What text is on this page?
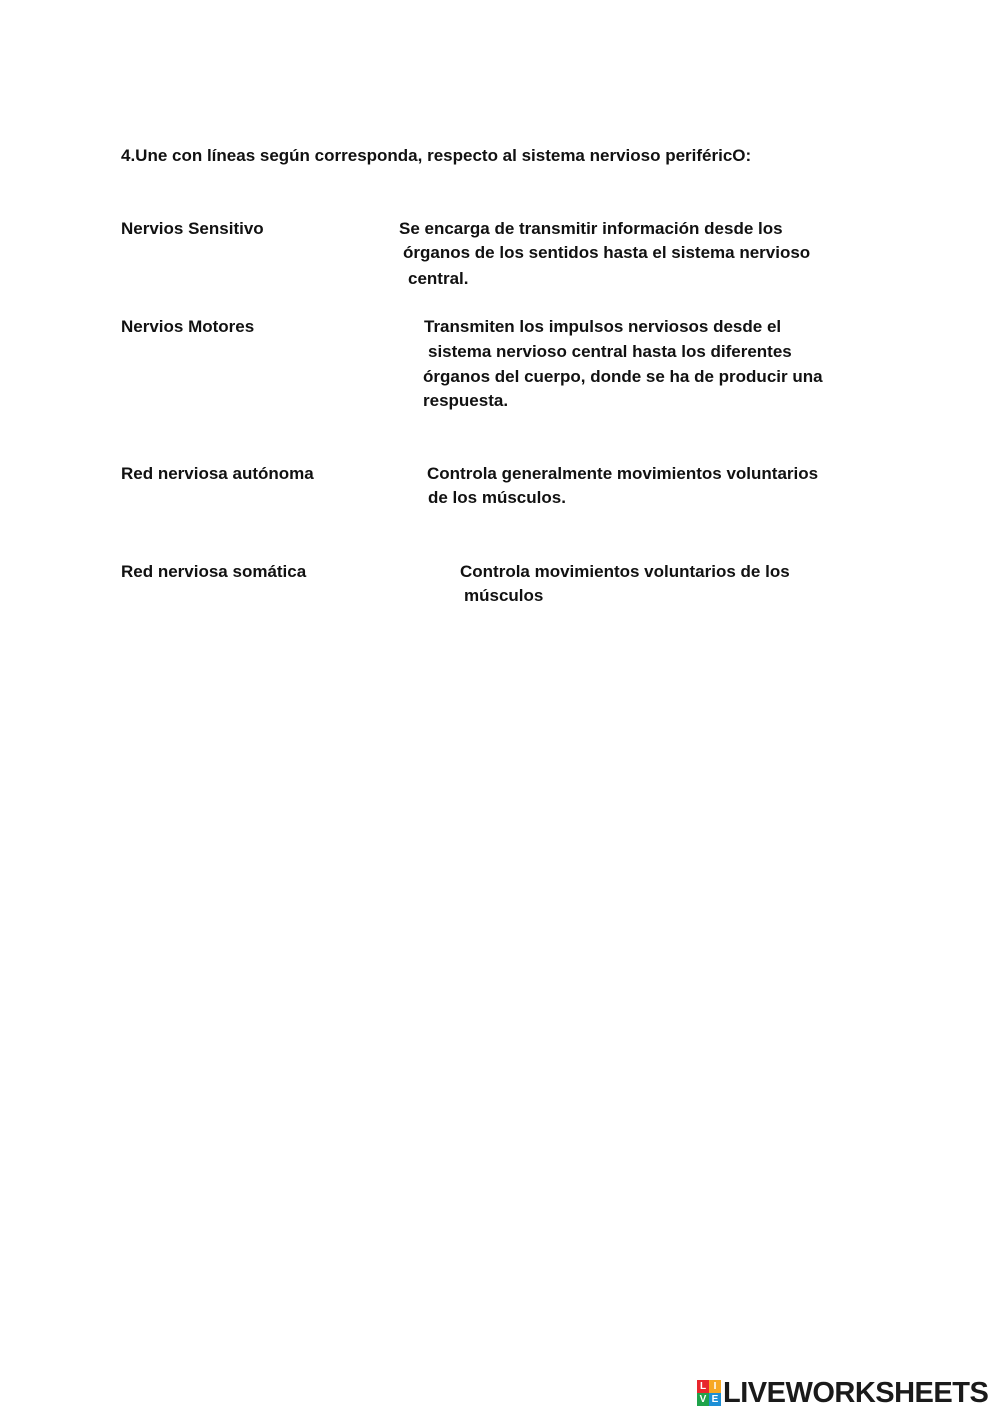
4.Une con líneas según corresponda, respecto al sistema nervioso periféricO:
Nervios Sensitivo	Se encarga de transmitir información desde los
órganos de los sentidos hasta el sistema nervioso
central.
Nervios Motores	Transmiten los impulsos nerviosos desde el
sistema nervioso central hasta los diferentes
órganos del cuerpo, donde se ha de producir una
respuesta.
Red nerviosa autónoma	Controla generalmente movimientos voluntarios
de los músculos.
Red nerviosa somática	Controla movimientos voluntarios de los
músculos
L I
V E LIVEWORKSHEETS
